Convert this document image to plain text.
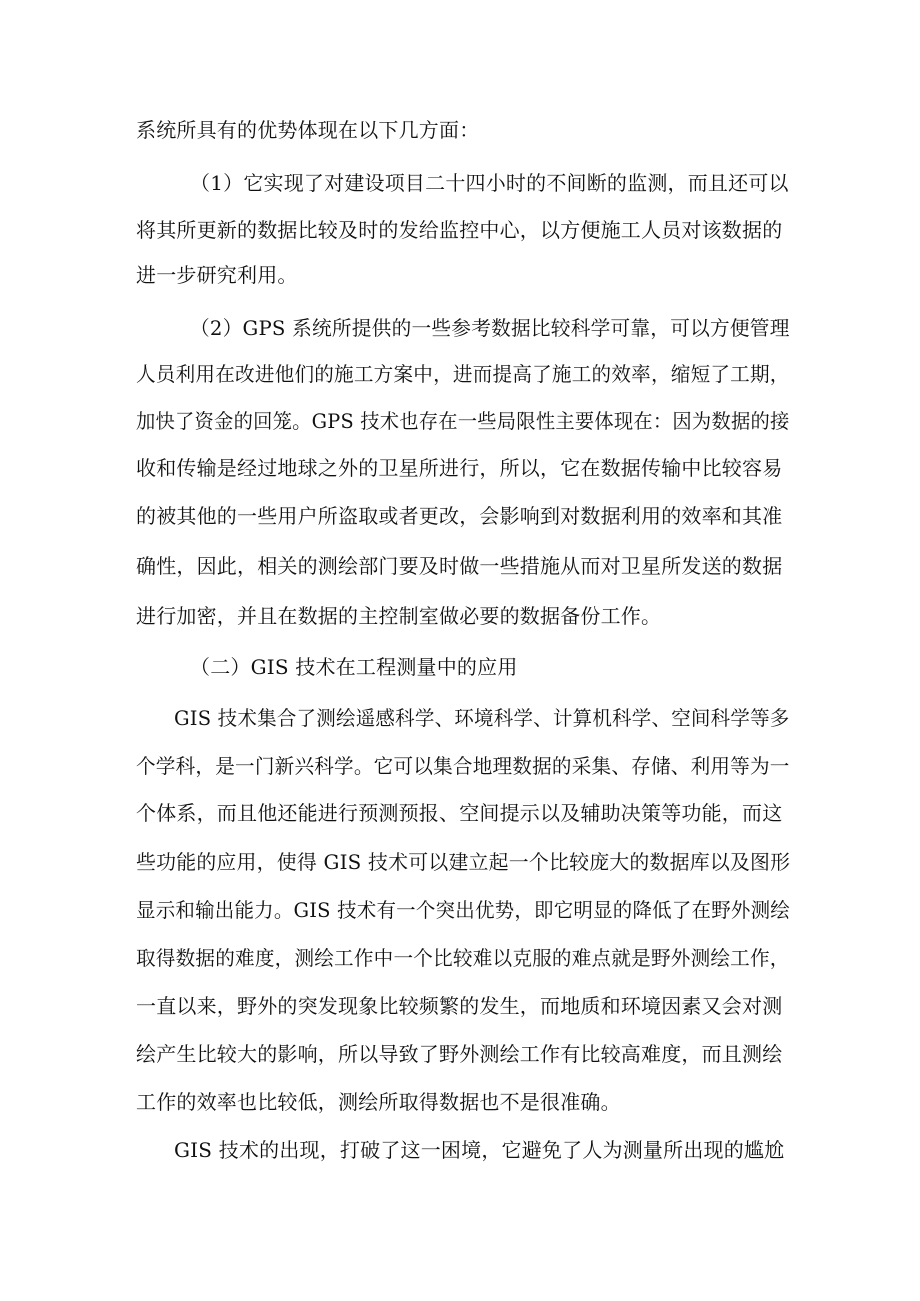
系统所具有的优势体现在以下几方面：
（1）它实现了对建设项目二十四小时的不间断的监测，而且还可以
将其所更新的数据比较及时的发给监控中心，以方便施工人员对该数据的
进一步研究利用。
（2）GPS 系统所提供的一些参考数据比较科学可靠，可以方便管理
人员利用在改进他们的施工方案中，进而提高了施工的效率，缩短了工期，
加快了资金的回笼。GPS 技术也存在一些局限性主要体现在：因为数据的接
收和传输是经过地球之外的卫星所进行，所以，它在数据传输中比较容易
的被其他的一些用户所盗取或者更改，会影响到对数据利用的效率和其准
确性，因此，相关的测绘部门要及时做一些措施从而对卫星所发送的数据
进行加密，并且在数据的主控制室做必要的数据备份工作。
（二）GIS 技术在工程测量中的应用
GIS 技术集合了测绘遥感科学、环境科学、计算机科学、空间科学等多
个学科，是一门新兴科学。它可以集合地理数据的采集、存储、利用等为一
个体系，而且他还能进行预测预报、空间提示以及辅助决策等功能，而这
些功能的应用，使得 GIS 技术可以建立起一个比较庞大的数据库以及图形
显示和输出能力。GIS 技术有一个突出优势，即它明显的降低了在野外测绘
取得数据的难度，测绘工作中一个比较难以克服的难点就是野外测绘工作，
一直以来，野外的突发现象比较频繁的发生，而地质和环境因素又会对测
绘产生比较大的影响，所以导致了野外测绘工作有比较高难度，而且测绘
工作的效率也比较低，测绘所取得数据也不是很准确。
GIS 技术的出现，打破了这一困境，它避免了人为测量所出现的尴尬
